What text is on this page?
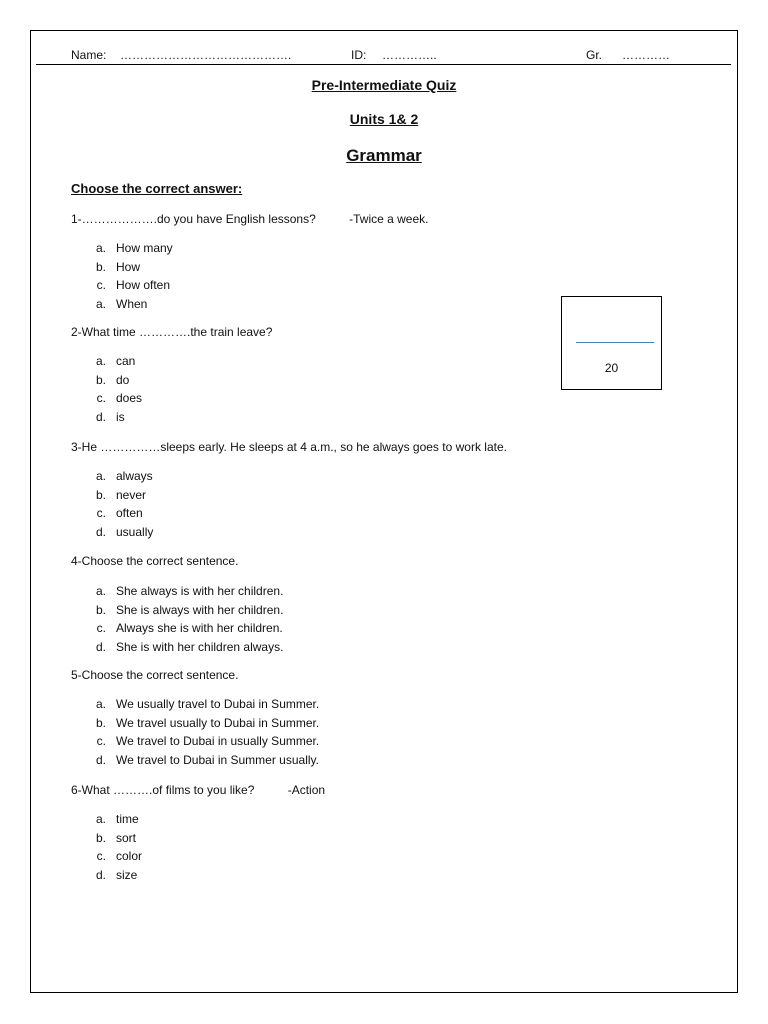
Name: …………………………………….	ID: …………..	Gr. …………
Pre-Intermediate Quiz
Units 1& 2
Grammar
Choose the correct answer:
20
1-……………….do you have English lessons?          -Twice a week.
a. How many
b. How
c. How often
a. When
2-What time ………….the train leave?
a. can
b. do
c. does
d. is
3-He ……………sleeps early. He sleeps at 4 a.m., so he always goes to work late.
a. always
b. never
c. often
d. usually
4-Choose the correct sentence.
a. She always is with her children.
b. She is always with her children.
c. Always she is with her children.
d. She is with her children always.
5-Choose the correct sentence.
a. We usually travel to Dubai in Summer.
b. We travel usually to Dubai in Summer.
c. We travel to Dubai in usually Summer.
d. We travel to Dubai in Summer usually.
6-What ……….of films to you like?          -Action
a. time
b. sort
c. color
d. size
